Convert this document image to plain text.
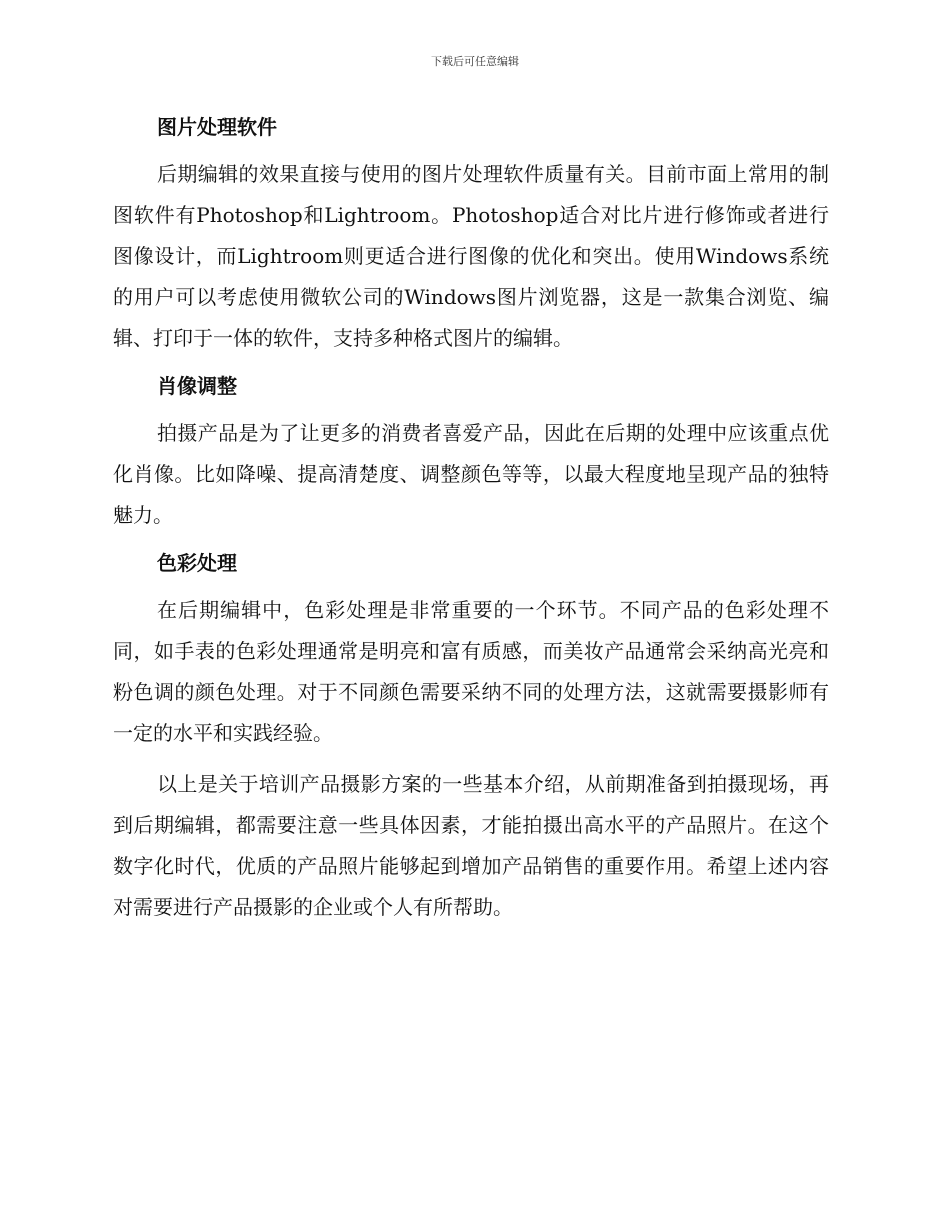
下载后可任意编辑
图片处理软件

后期编辑的效果直接与使用的图片处理软件质量有关。目前市面上常用的制图软件有Photoshop和Lightroom。Photoshop适合对比片进行修饰或者进行图像设计，而Lightroom则更适合进行图像的优化和突出。使用Windows系统的用户可以考虑使用微软公司的Windows图片浏览器，这是一款集合浏览、编辑、打印于一体的软件，支持多种格式图片的编辑。

肖像调整

拍摄产品是为了让更多的消费者喜爱产品，因此在后期的处理中应该重点优化肖像。比如降噪、提高清楚度、调整颜色等等，以最大程度地呈现产品的独特魅力。

色彩处理

在后期编辑中，色彩处理是非常重要的一个环节。不同产品的色彩处理不同，如手表的色彩处理通常是明亮和富有质感，而美妆产品通常会采纳高光亮和粉色调的颜色处理。对于不同颜色需要采纳不同的处理方法，这就需要摄影师有一定的水平和实践经验。

以上是关于培训产品摄影方案的一些基本介绍，从前期准备到拍摄现场，再到后期编辑，都需要注意一些具体因素，才能拍摄出高水平的产品照片。在这个数字化时代，优质的产品照片能够起到增加产品销售的重要作用。希望上述内容对需要进行产品摄影的企业或个人有所帮助。
